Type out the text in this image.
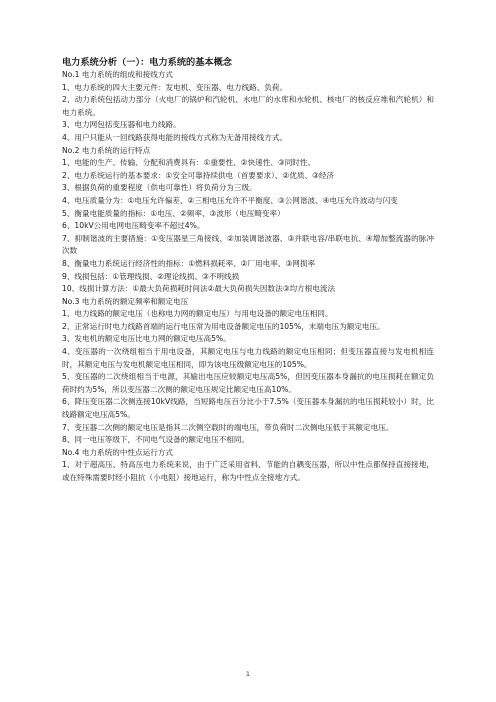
电力系统分析（一）：电力系统的基本概念

No.1 电力系统的组成和接线方式

1、电力系统的四大主要元件：发电机、变压器、电力线路、负荷。

2、动力系统包括动力部分（火电厂的锅炉和汽轮机、水电厂的水库和水轮机、核电厂的核反应堆和汽轮机）和电力系统。

3、电力网包括变压器和电力线路。

4、用户只能从一回线路获得电能的接线方式称为无备用接线方式。

No.2 电力系统的运行特点

1、电能的生产、传输、分配和消费具有：①重要性、②快速性、③同时性。

2、电力系统运行的基本要求：①安全可靠持续供电（首要要求）、②优质、③经济

3、根据负荷的重要程度（供电可靠性）将负荷分为三级。

4、电压质量分为：①电压允许偏差、②三相电压允许不平衡度、③公网谐波、④电压允许波动与闪变

5、衡量电能质量的指标：①电压、②频率、③波形（电压畸变率）

6、10kV公用电网电压畸变率不超过4%。

7、抑制谐波的主要措施：①变压器星三角接线、②加装调谐波器、③并联电容/串联电抗、④增加整流器的脉冲次数

8、衡量电力系统运行经济性的指标：①燃料损耗率、②厂用电率、③网损率

9、线损包括：①管理线损、②理论线损、③不明线损

10、线损计算方法：①最大负荷损耗时间法②最大负荷损失因数法③均方根电流法

No.3 电力系统的额定频率和额定电压

1、电力线路的额定电压（也称电力网的额定电压）与用电设备的额定电压相同。

2、正常运行时电力线路首端的运行电压常为用电设备额定电压的105%，末端电压为额定电压。

3、发电机的额定电压比电力网的额定电压高5%。

4、变压器的一次绕组相当于用电设备，其额定电压与电力线路的额定电压相同；但变压器直接与发电机相连时，其额定电压与发电机额定电压相同，即为该电压级额定电压的105%。

5、变压器的二次绕组相当于电源，其输出电压应较额定电压高5%，但因变压器本身漏抗的电压损耗在额定负荷时约为5%，所以变压器二次侧的额定电压规定比额定电压高10%。

6、降压变压器二次侧连接10kV线路，当短路电压百分比小于7.5%（变压器本身漏抗的电压损耗较小）时，比线路额定电压高5%。

7、变压器二次侧的额定电压是指其二次侧空载时的端电压，带负荷时二次侧电压低于其额定电压。

8、同一电压等级下，不同电气设备的额定电压不相同。

No.4 电力系统的中性点运行方式

1、对于超高压、特高压电力系统来说，由于广泛采用省料、节能的自耦变压器，所以中性点都保持直接接地，或在特殊需要时经小阻抗（小电阻）接地运行，称为中性点全接地方式。

1
